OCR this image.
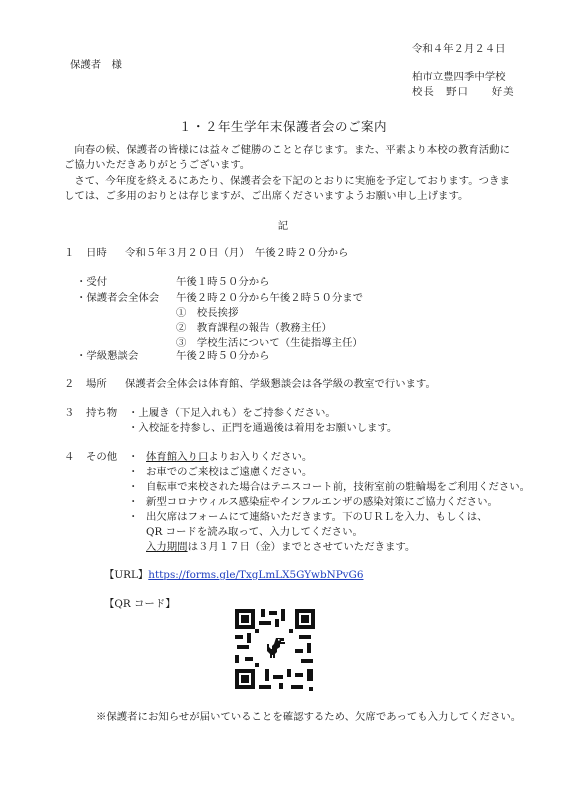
令和４年２月２４日
保護者　様
柏市立豊四季中学校
校長　野口　　好美
１・２年生学年末保護者会のご案内
向春の候、保護者の皆様には益々ご健勝のことと存じます。また、平素より本校の教育活動にご協力いただきありがとうございます。
さて、今年度を終えるにあたり、保護者会を下記のとおりに実施を予定しております。つきましては、ご多用のおりとは存じますが、ご出席くださいますようお願い申し上げます。
記
１ 日時 令和５年３月２０日（月）　午後２時２０分から
・受付	午後１時５０分から
・保護者会全体会 午後２時２０分から午後２時５０分まで
①　校長挨拶
②　教育課程の報告（教務主任）
③　学校生活について（生徒指導主任）
・学級懇談会	午後２時５０分から
２ 場所 保護者会全体会は体育館、学級懇談会は各学級の教室で行います。
３ 持ち物 ・上履き（下足入れも）をご持参ください。
・入校証を持参し、正門を通過後は着用をお願いします。
４ その他 ・ 体育館入り口よりお入りください。
・ お車でのご来校はご遠慮ください。
・ 自転車で来校された場合はテニスコート前，技術室前の駐輪場をご利用ください。
・ 新型コロナウィルス感染症やインフルエンザの感染対策にご協力ください。
・ 出欠席はフォームにて連絡いただきます。下のＵＲＬを入力、もしくは、
QR コードを読み取って、入力してください。
入力期間は３月１７日（金）までとさせていただきます。
【URL】https://forms.gle/TxgLmLX5GYwbNPvG6
【QR コード】
※保護者にお知らせが届いていることを確認するため、欠席であっても入力してください。
